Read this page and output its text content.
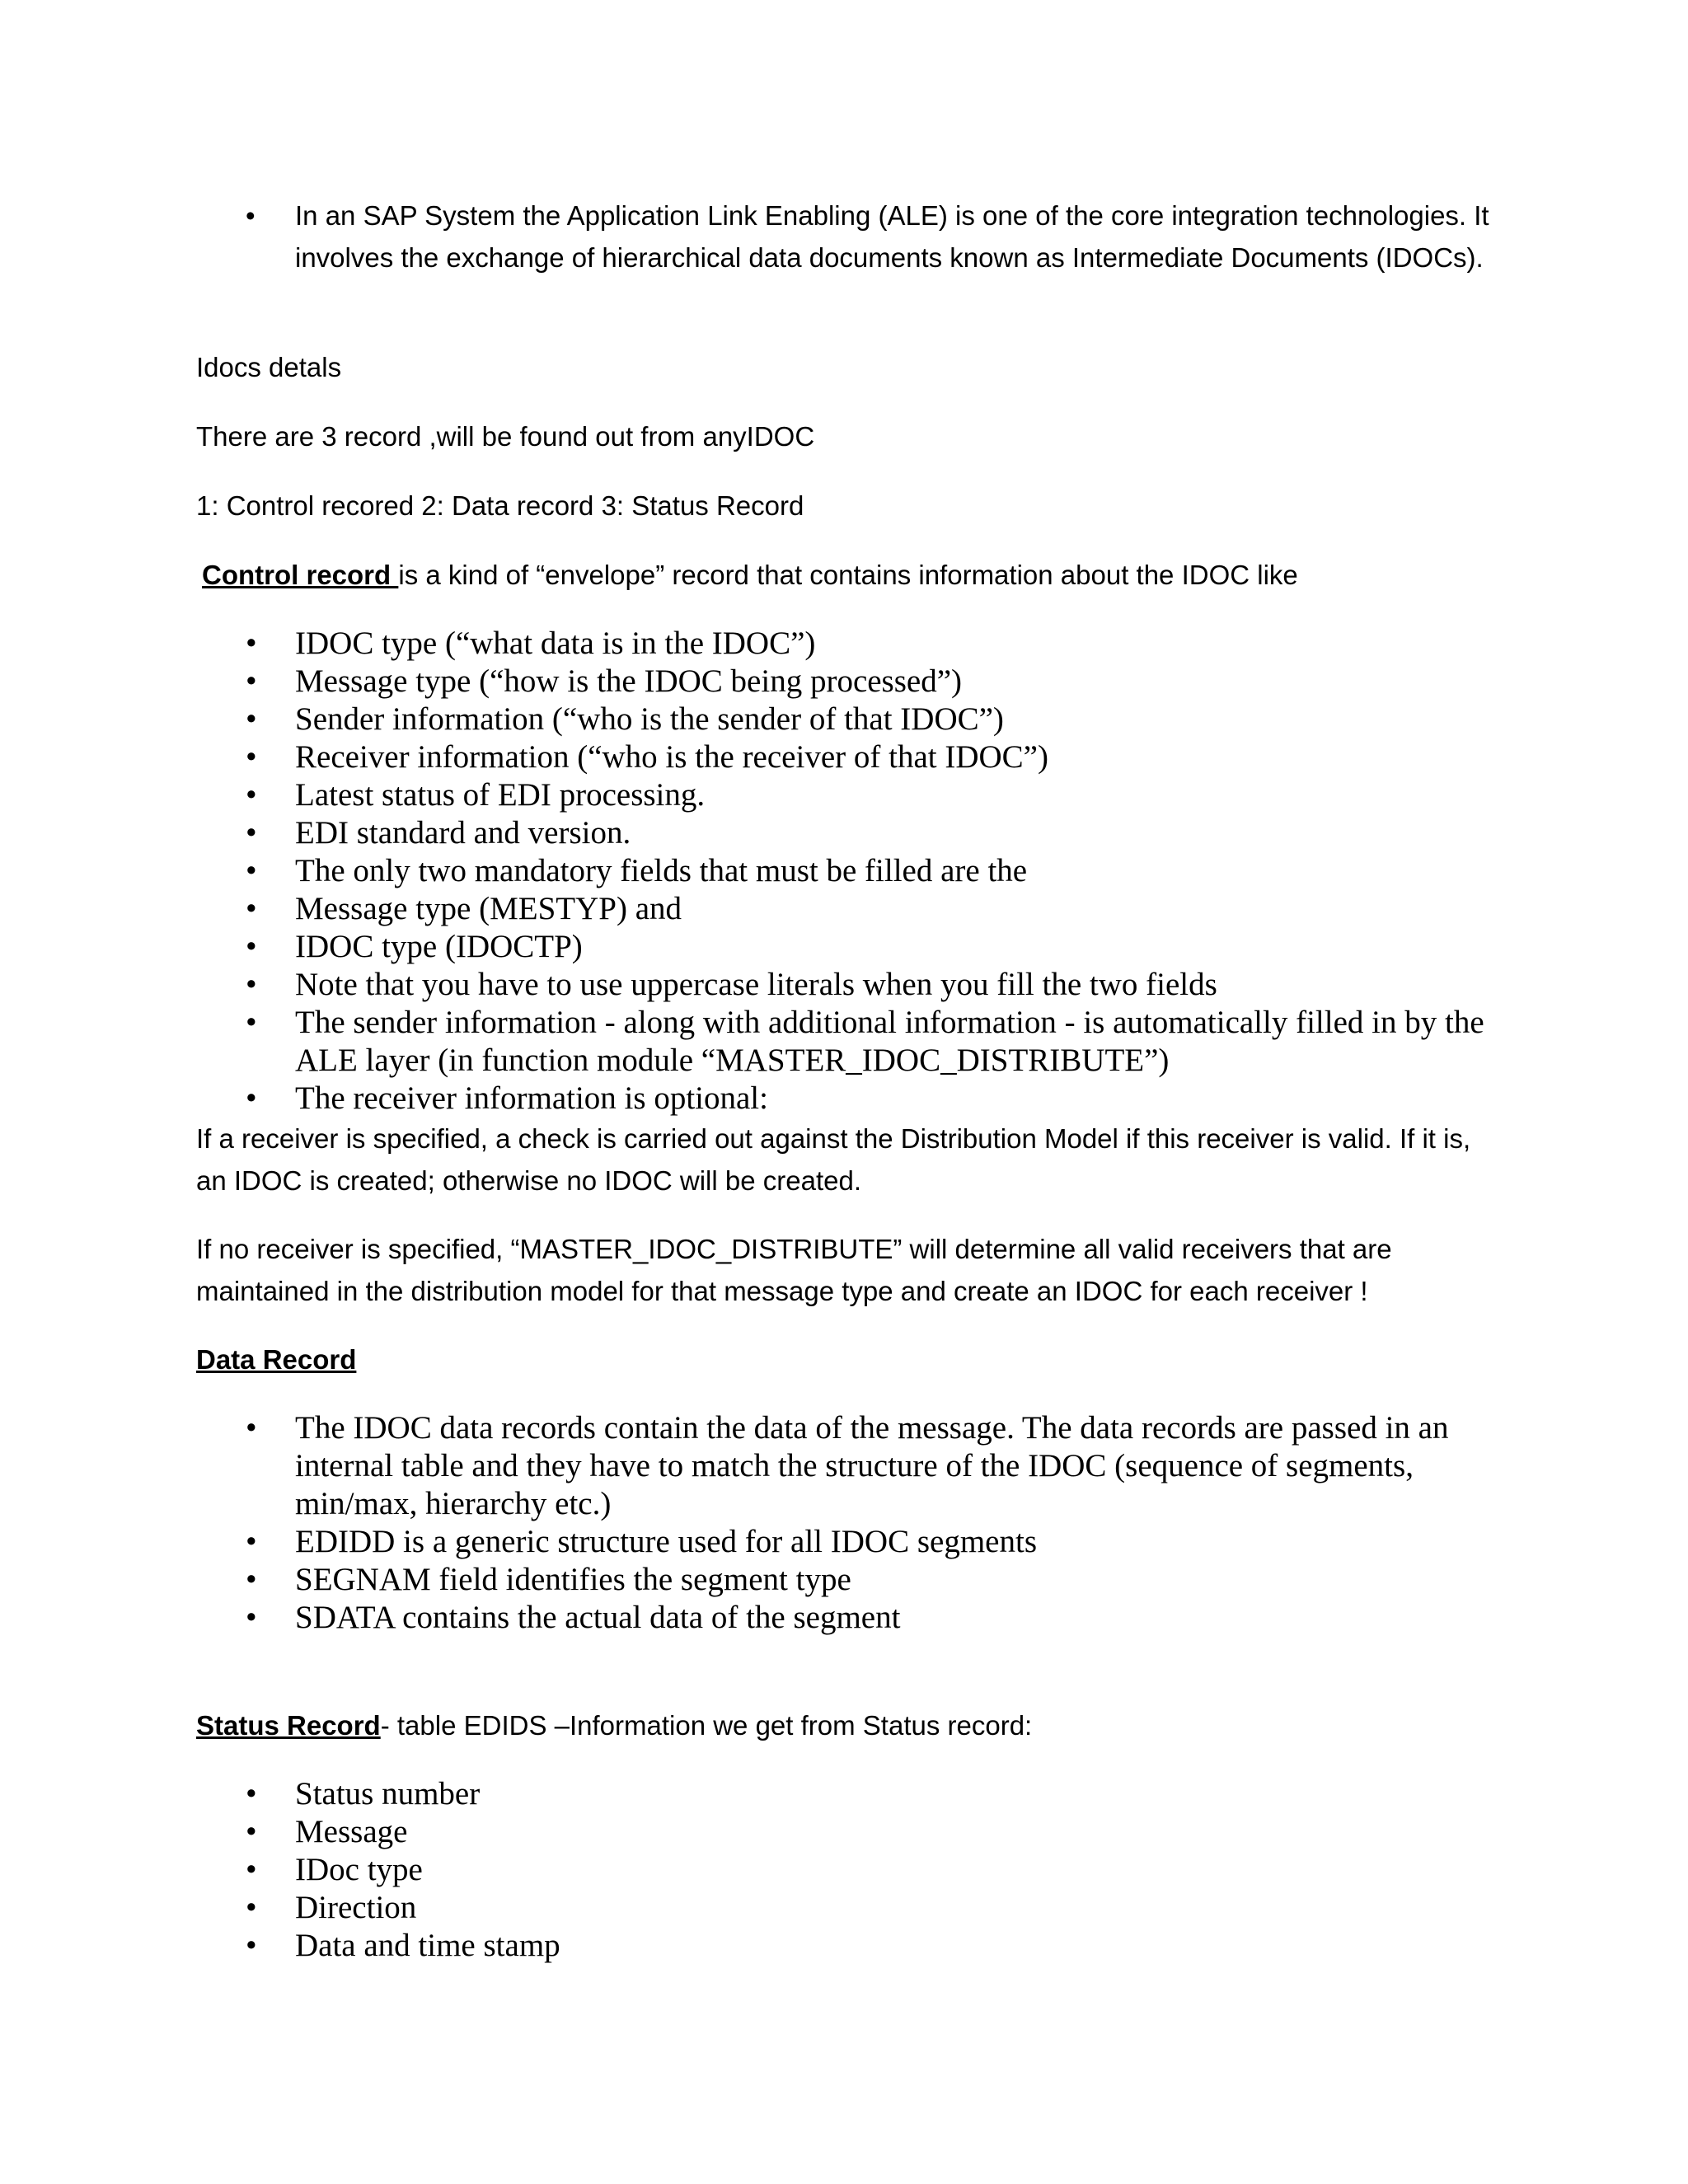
• In an SAP System the Application Link Enabling (ALE) is one of the core integration technologies. It involves the exchange of hierarchical data documents known as Intermediate Documents (IDOCs).

Idocs detals

There are 3 record ,will be found out from anyIDOC

1: Control recored 2: Data record 3: Status Record

Control record is a kind of “envelope” record that contains information about the IDOC like

• IDOC type (“what data is in the IDOC”)
• Message type (“how is the IDOC being processed”)
• Sender information (“who is the sender of that IDOC”)
• Receiver information (“who is the receiver of that IDOC”)
• Latest status of EDI processing.
• EDI standard and version.
• The only two mandatory fields that must be filled are the
• Message type (MESTYP) and
• IDOC type (IDOCTP)
• Note that you have to use uppercase literals when you fill the two fields
• The sender information - along with additional information - is automatically filled in by the ALE layer (in function module “MASTER_IDOC_DISTRIBUTE”)
• The receiver information is optional:

If a receiver is specified, a check is carried out against the Distribution Model if this receiver is valid. If it is, an IDOC is created; otherwise no IDOC will be created.

If no receiver is specified, “MASTER_IDOC_DISTRIBUTE” will determine all valid receivers that are maintained in the distribution model for that message type and create an IDOC for each receiver !

Data Record

• The IDOC data records contain the data of the message. The data records are passed in an internal table and they have to match the structure of the IDOC (sequence of segments, min/max, hierarchy etc.)
• EDIDD is a generic structure used for all IDOC segments
• SEGNAM field identifies the segment type
• SDATA contains the actual data of the segment

Status Record- table EDIDS –Information we get from Status record:

• Status number
• Message
• IDoc type
• Direction
• Data and time stamp
